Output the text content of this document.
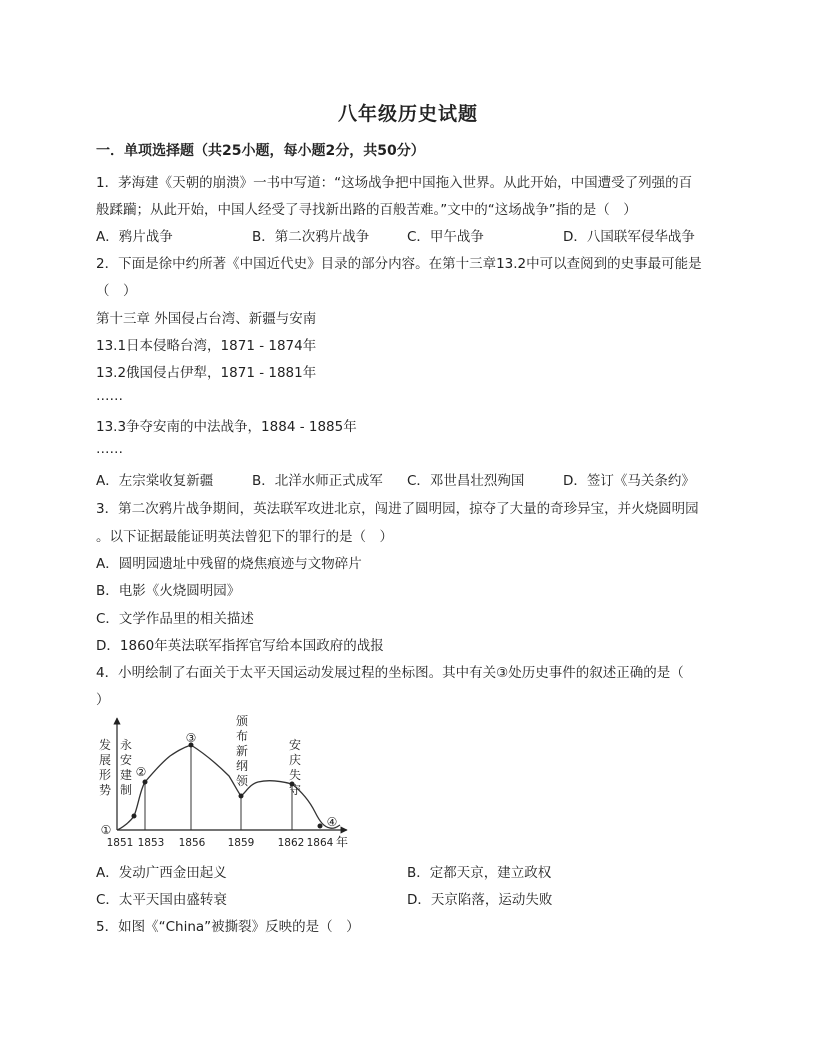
八年级历史试题
一．单项选择题（共25小题，每小题2分，共50分）
1．茅海建《天朝的崩溃》一书中写道：“这场战争把中国拖入世界。从此开始，中国遭受了列强的百
般蹂躏；从此开始，中国人经受了寻找新出路的百般苦难。”文中的“这场战争”指的是（　）
A．鸦片战争	B．第二次鸦片战争	C．甲午战争	D．八国联军侵华战争
2．下面是徐中约所著《中国近代史》目录的部分内容。在第十三章13.2中可以查阅到的史事最可能是
（　）
第十三章 外国侵占台湾、新疆与安南
13.1日本侵略台湾，1871 - 1874年
13.2俄国侵占伊犁，1871 - 1881年
……
13.3争夺安南的中法战争，1884 - 1885年
……
A．左宗棠收复新疆	B．北洋水师正式成军 C．邓世昌壮烈殉国	D．签订《马关条约》
3．第二次鸦片战争期间，英法联军攻进北京，闯进了圆明园，掠夺了大量的奇珍异宝，并火烧圆明园
。以下证据最能证明英法曾犯下的罪行的是（　）
A．圆明园遗址中残留的烧焦痕迹与文物碎片
B．电影《火烧圆明园》
C．文学作品里的相关描述
D．1860年英法联军指挥官写给本国政府的战报
4．小明绘制了右面关于太平天国运动发展过程的坐标图。其中有关③处历史事件的叙述正确的是（
）
发
展
形
势
①
②
③
④
永
安
建
制
颁
布
新
纲
领
安
庆
失
守
1851 1853 1856 1859 1862 1864 年
A．发动广西金田起义	B．定都天京，建立政权
C．太平天国由盛转衰	D．天京陷落，运动失败
5．如图《“China”被撕裂》反映的是（　）
